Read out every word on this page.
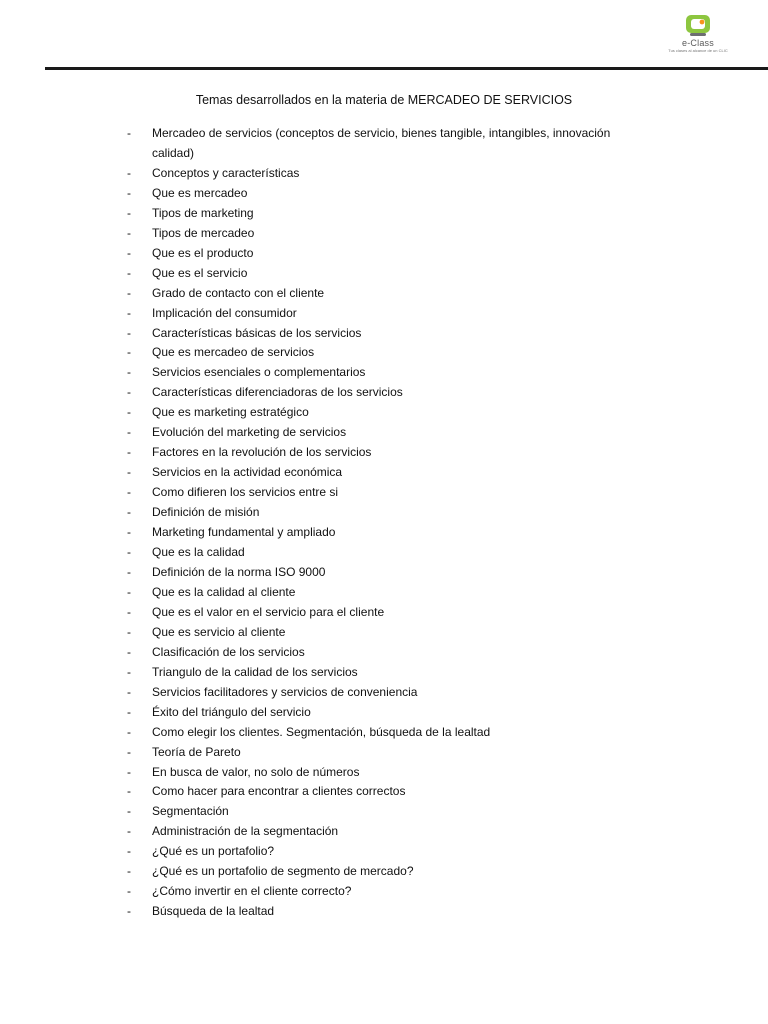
e-Class
Tus clases al alcance de un CLIC
Temas desarrollados en la materia de MERCADEO DE SERVICIOS
- Mercadeo de servicios (conceptos de servicio, bienes tangible, intangibles, innovación calidad)
- Conceptos y características
- Que es mercadeo
- Tipos de marketing
- Tipos de mercadeo
- Que es el producto
- Que es el servicio
- Grado de contacto con el cliente
- Implicación del consumidor
- Características básicas de los servicios
- Que es mercadeo de servicios
- Servicios esenciales o complementarios
- Características diferenciadoras de los servicios
- Que es marketing estratégico
- Evolución del marketing de servicios
- Factores en la revolución de los servicios
- Servicios en la actividad económica
- Como difieren los servicios entre si
- Definición de misión
- Marketing fundamental y ampliado
- Que es la calidad
- Definición de la norma ISO 9000
- Que es la calidad al cliente
- Que es el valor en el servicio para el cliente
- Que es servicio al cliente
- Clasificación de los servicios
- Triangulo de la calidad de los servicios
- Servicios facilitadores y servicios de conveniencia
- Éxito del triángulo del servicio
- Como elegir los clientes. Segmentación, búsqueda de la lealtad
- Teoría de Pareto
- En busca de valor, no solo de números
- Como hacer para encontrar a clientes correctos
- Segmentación
- Administración de la segmentación
- ¿Qué es un portafolio?
- ¿Qué es un portafolio de segmento de mercado?
- ¿Cómo invertir en el cliente correcto?
- Búsqueda de la lealtad
